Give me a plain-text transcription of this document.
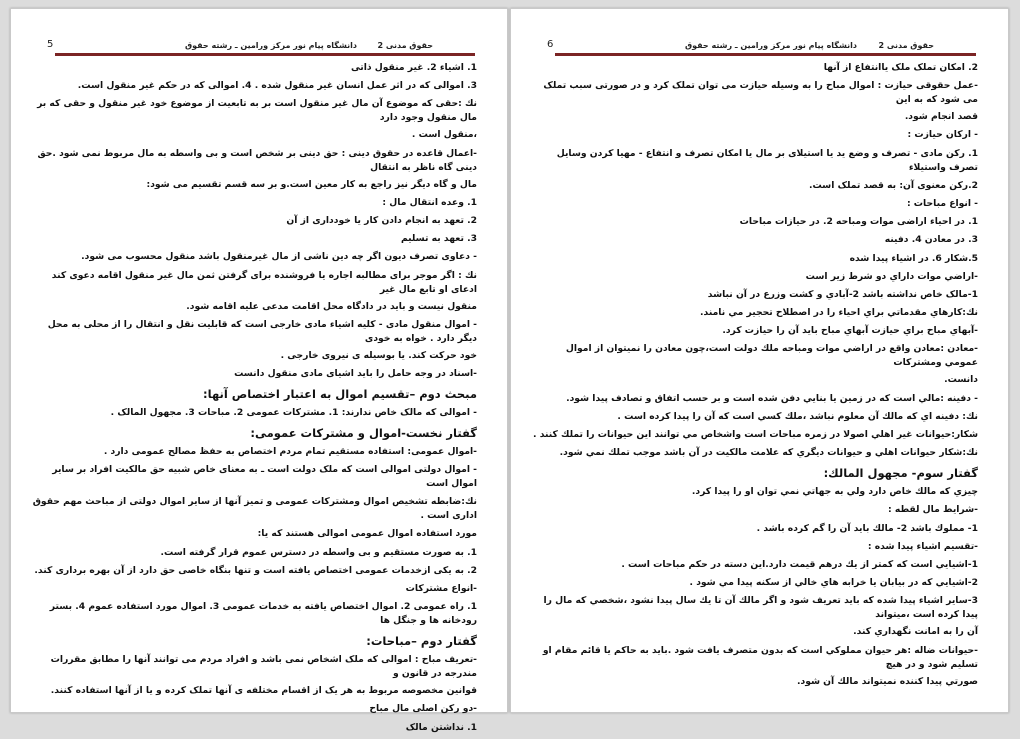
5	دانشگاه پیام نور مرکز ورامین ـ رشته حقوق	حقوق مدنی 2

1. اشیاء 2. غیر منقول ذاتی

3. اموالی که در اثر عمل انسان غیر منقول شده . 4. اموالی که در حکم غیر منقول است.

نك :حقی كه موضوع آن مال غير منقول است بر به تابعيت از موضوع خود غير منقول و حقی كه بر مال منقول وجود دارد

،منقول است .

-اعمال قاعده در حقوق دینی : حق دینی بر شخص است و بی واسطه به مال مربوط نمی شود .حق دینی گاه ناظر به انتقال

مال و گاه دیگر نیز راجع به کار معین است.و بر سه قسم تقسیم می شود:

1. وعده انتقال مال :

2. تعهد به انجام دادن کار یا خودداری از آن

3. تعهد به تسلیم

- دعاوی تصرف دیون اگر چه دین ناشی از مال غیرمنقول باشد منقول محسوب می شود.

نك : اگر موجر برای مطالبه اجاره یا فروشنده برای گرفتن ثمن مال غیر منقول اقامه دعوی کند ادعای او تابع مال غیر

منقول نیست و باید در دادگاه محل اقامت مدعی علیه اقامه شود.

- اموال منقول مادی - کلیه اشیاء مادی خارجی است که قابلیت نقل و انتقال را از محلی به محل دیگر دارد . خواه به خودی

خود حرکت کند. یا بوسیله ی نیروی خارجی .

-اسناد در وجه حامل را باید اشیای مادی منقول دانست

مبحث دوم –تقسیم اموال به اعتبار اختصاص آنها:

- اموالی که مالک خاص ندارند: 1. مشترکات عمومی 2. مباحات 3. مجهول المالک .

گفتار نخست-اموال و مشترکات عمومی:

-اموال عمومی: استفاده مستقیم تمام مردم اختصاص به حفظ مصالح عمومی دارد .

- اموال دولتی اموالی است که ملک دولت است ـ به معنای خاص شبیه حق مالکیت افراد بر سایر اموال است

نك:ضابطه تشخیص اموال ومشترکات عمومی و تمیز آنها از سایر اموال دولتی از مباحث مهم حقوق اداری است .

مورد استفاده اموال عمومی اموالی هستند که یا:

1. به صورت مستقیم و بی واسطه در دسترس عموم قرار گرفته است.

2. به یکی ازخدمات عمومی اختصاص یافته است و تنها بنگاه خاصی حق دارد از آن بهره برداری کند.

-انواع مشترکات

1. راه عمومی 2. اموال اختصاص یافته به خدمات عمومی 3. اموال مورد استفاده عموم 4. بستر رودخانه ها و جنگل ها

گفتار دوم –مباحات:

-تعریف مباح : اموالی که ملک اشخاص نمی باشد و افراد مردم می توانند آنها را مطابق مقررات مندرجه در قانون و

قوانین مخصوصه مربوط به هر یک از اقسام مختلفه ی آنها تملک کرده و یا از آنها استفاده کنند.

-دو رکن اصلی مال مباح

1. نداشتن مالک

6	دانشگاه پیام نور مرکز ورامین ـ رشته حقوق	حقوق مدنی 2

2. امکان تملک ملک یاانتفاع از آنها

-عمل حقوقی حیازت : اموال مباح را به وسیله حیازت می توان تملک کرد و در صورتی سبب تملک می شود که به این

قصد انجام شود.

- ارکان حیازت :

1. رکن مادی - تصرف و وضع ید یا استیلای بر مال یا امکان تصرف و انتفاع - مهیا کردن وسایل تصرف واستیلاء

2.رکن معنوی آن: به قصد تملک است.

- انواع مباحات :

1. در احیاء اراضی موات ومباحه 2. در حیازات مباحات

3. در معادن 4. دفینه

5.شکار 6. در اشیاء پیدا شده

-اراضي موات داراي دو شرط زير است

1-مالک خاص نداشته باشد 2-آبادي و كشت وزرع در آن نباشد

نك:كارهاي مقدماتي براي احياء را در اصطلاح تحجير مي نامند.

-آبهاي مباح براي حيازت آبهاي مباح بايد آن را حيازت كرد.

-معادن :معادن واقع در اراضي موات ومباحه ملك دولت است،چون معادن را نميتوان از اموال عمومي ومشتركات

دانست.

- دفينه :مالي است كه در زمين يا بنايي دفن شده است و بر حسب اتفاق و تصادف پيدا شود.

نك: دفينه اي كه مالك آن معلوم نباشد ،ملك كسي است كه آن را پيدا كرده است .

شكار:حيوانات غير اهلي اصولا در زمره مباحات است واشخاص مي توانند اين حيوانات را تملك كنند .

نك:شكار حيوانات اهلي و حيوانات ديگري كه علامت مالكيت در آن باشد موجب تملك نمي شود.

گفتار سوم- مجهول المالك:

چيزي كه مالك خاص دارد ولي به جهاتي نمي توان او را پيدا كرد.

-شرايط مال لقطه :

1- مملوك باشد 2- مالك بايد آن را گم كرده باشد .

-تقسيم اشياء پيدا شده :

1-اشيايي است كه كمتر از يك درهم قيمت دارد.اين دسته در حكم مباحات است .

2-اشيايي كه در بيابان يا خرابه هاي خالي از سكنه پيدا مي شود .

3-ساير اشياء پيدا شده كه بايد تعريف شود و اگر مالك آن تا يك سال پيدا نشود ،شخصي كه مال را پيدا كرده است ،ميتواند

آن را به امانت نگهداري كند.

-حيوانات ضاله :هر حيوان مملوكي است كه بدون متصرف يافت شود .بايد به حاكم يا قائم مقام او تسليم شود و در هيچ

صورتي پيدا كننده نميتواند مالك آن شود.
